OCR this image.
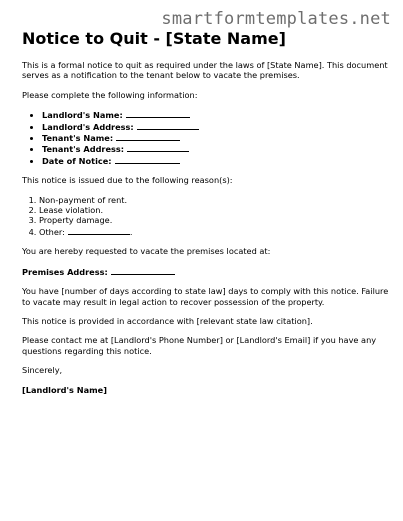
smartformtemplates.net
Notice to Quit - [State Name]

This is a formal notice to quit as required under the laws of [State Name]. This document serves as a notification to the tenant below to vacate the premises.

Please complete the following information:

• Landlord's Name:
• Landlord's Address:
• Tenant's Name:
• Tenant's Address:
• Date of Notice:

This notice is issued due to the following reason(s):

1. Non-payment of rent.
2. Lease violation.
3. Property damage.
4. Other:	.

You are hereby requested to vacate the premises located at:

Premises Address:

You have [number of days according to state law] days to comply with this notice. Failure to vacate may result in legal action to recover possession of the property.

This notice is provided in accordance with [relevant state law citation].

Please contact me at [Landlord's Phone Number] or [Landlord's Email] if you have any questions regarding this notice.

Sincerely,

[Landlord's Name]
